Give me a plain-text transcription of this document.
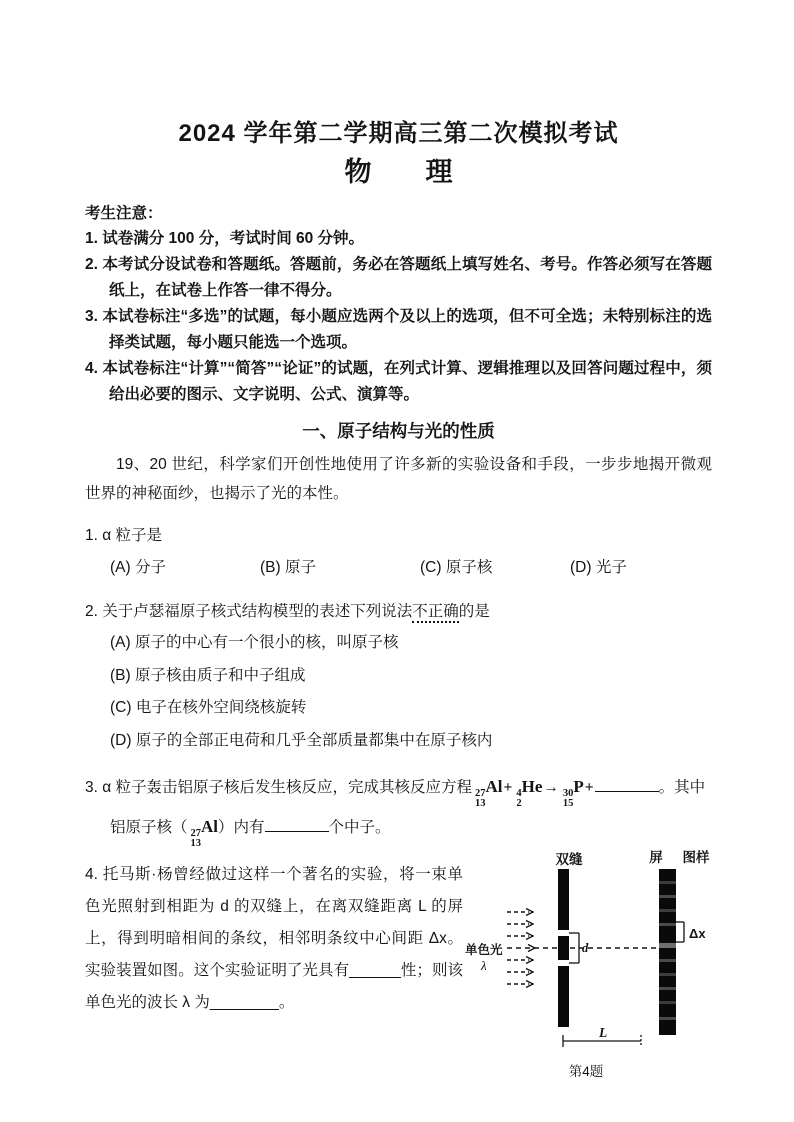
2024 学年第二学期高三第二次模拟考试
物　　理
考生注意：
1. 试卷满分 100 分，考试时间 60 分钟。
2. 本考试分设试卷和答题纸。答题前，务必在答题纸上填写姓名、考号。作答必须写在答题纸上，在试卷上作答一律不得分。
3. 本试卷标注“多选”的试题，每小题应选两个及以上的选项，但不可全选；未特别标注的选择类试题，每小题只能选一个选项。
4. 本试卷标注“计算”“简答”“论证”的试题，在列式计算、逻辑推理以及回答问题过程中，须给出必要的图示、文字说明、公式、演算等。
一、原子结构与光的性质

19、20 世纪，科学家们开创性地使用了许多新的实验设备和手段，一步步地揭开微观世界的神秘面纱，也揭示了光的本性。

1. α 粒子是
(A) 分子	(B) 原子	(C) 原子核	(D) 光子
2. 关于卢瑟福原子核式结构模型的表述下列说法不正确的是
(A) 原子的中心有一个很小的核，叫原子核
(B) 原子核由质子和中子组成
(C) 电子在核外空间绕核旋转
(D) 原子的全部正电荷和几乎全部质量都集中在原子核内
3. α 粒子轰击铝原子核后发生核反应，完成其核反应方程 27
13
Al+ 4
2
He→ 30
15
P+	。其中
铝原子核（ 27
13
Al）内有	个中子。
4. 托马斯·杨曾经做过这样一个著名的实验，将一束单色光照射到相距为 d 的双缝上，在离双缝距离 L 的屏上，得到明暗相间的条纹，相邻明条纹中心间距 Δx。实验装置如图。这个实验证明了光具有______性；则该单色光的波长 λ 为________。
双缝	屏 图样
单色光
λ
d
Δx
L
第4题
